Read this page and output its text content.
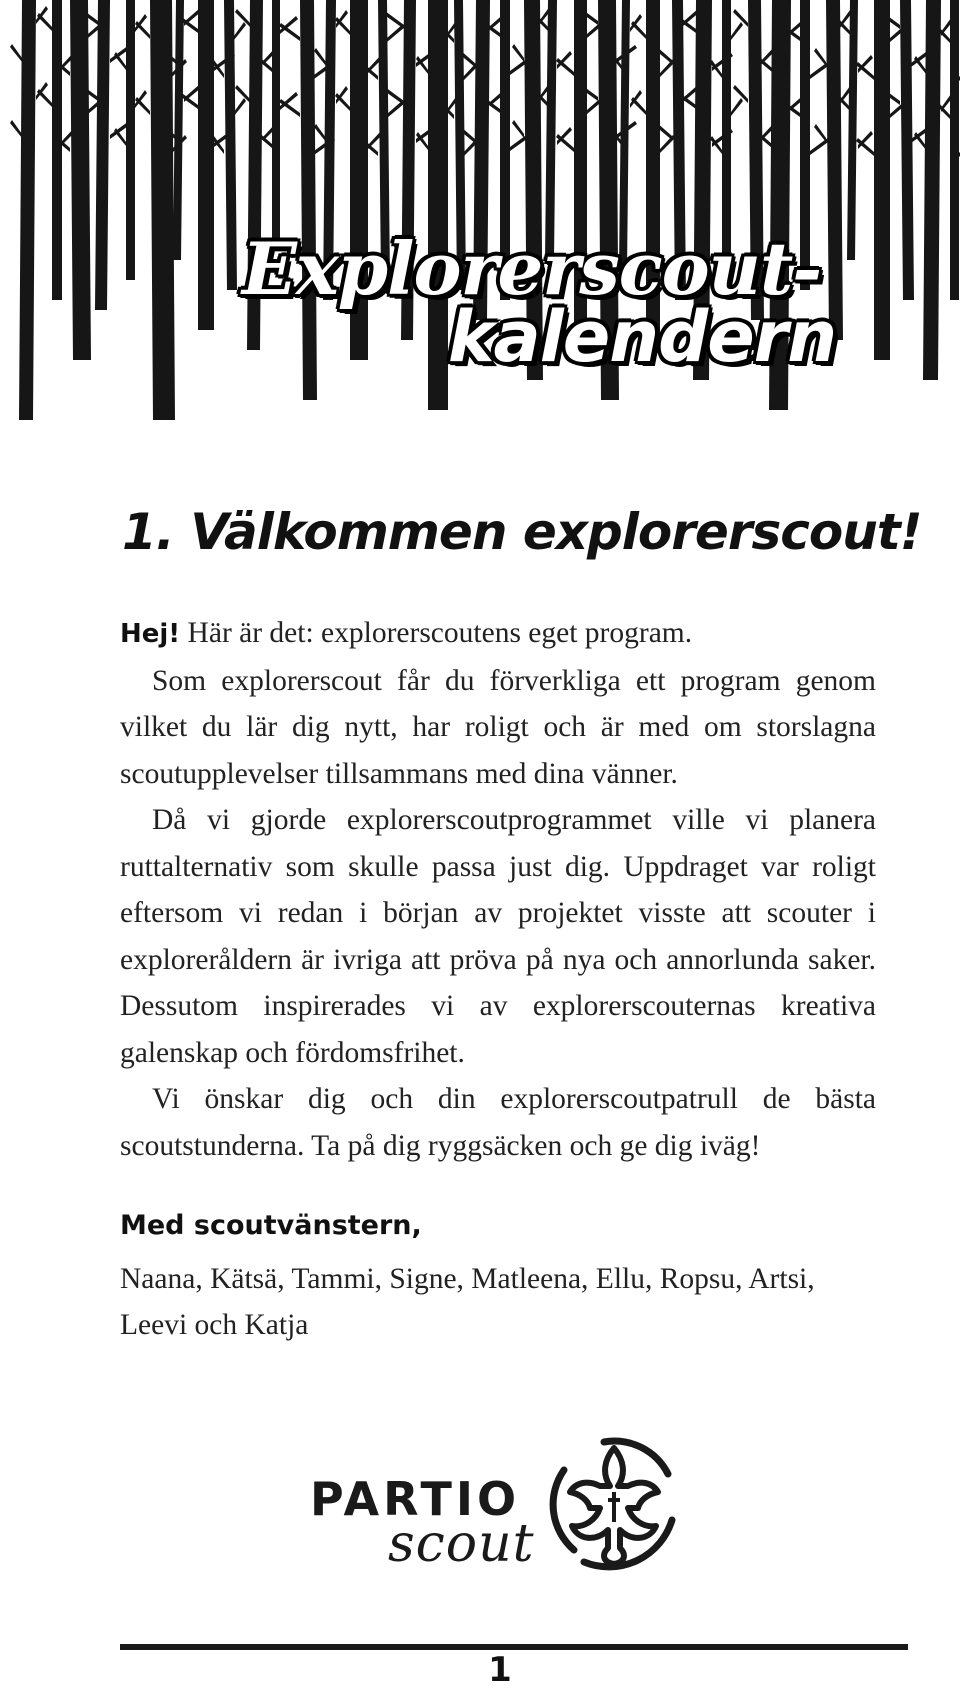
Explorerscout-
kalendern
1. Välkommen explorerscout!

Hej! Här är det: explorerscoutens eget program.

Som explorerscout får du förverkliga ett program genom vilket du lär dig nytt, har roligt och är med om storslagna scoutupplevelser tillsammans med dina vänner.

Då vi gjorde explorerscoutprogrammet ville vi planera ruttalternativ som skulle passa just dig. Uppdraget var roligt eftersom vi redan i början av projektet visste att scouter i exploreråldern är ivriga att pröva på nya och annorlunda saker. Dessutom inspirerades vi av explorerscouternas kreativa galenskap och fördomsfrihet.

Vi önskar dig och din explorerscoutpatrull de bästa scoutstunderna. Ta på dig ryggsäcken och ge dig iväg!

Med scoutvänstern,
Naana, Kätsä, Tammi, Signe, Matleena, Ellu, Ropsu, Artsi, Leevi och Katja
PARTIO
scout
1
